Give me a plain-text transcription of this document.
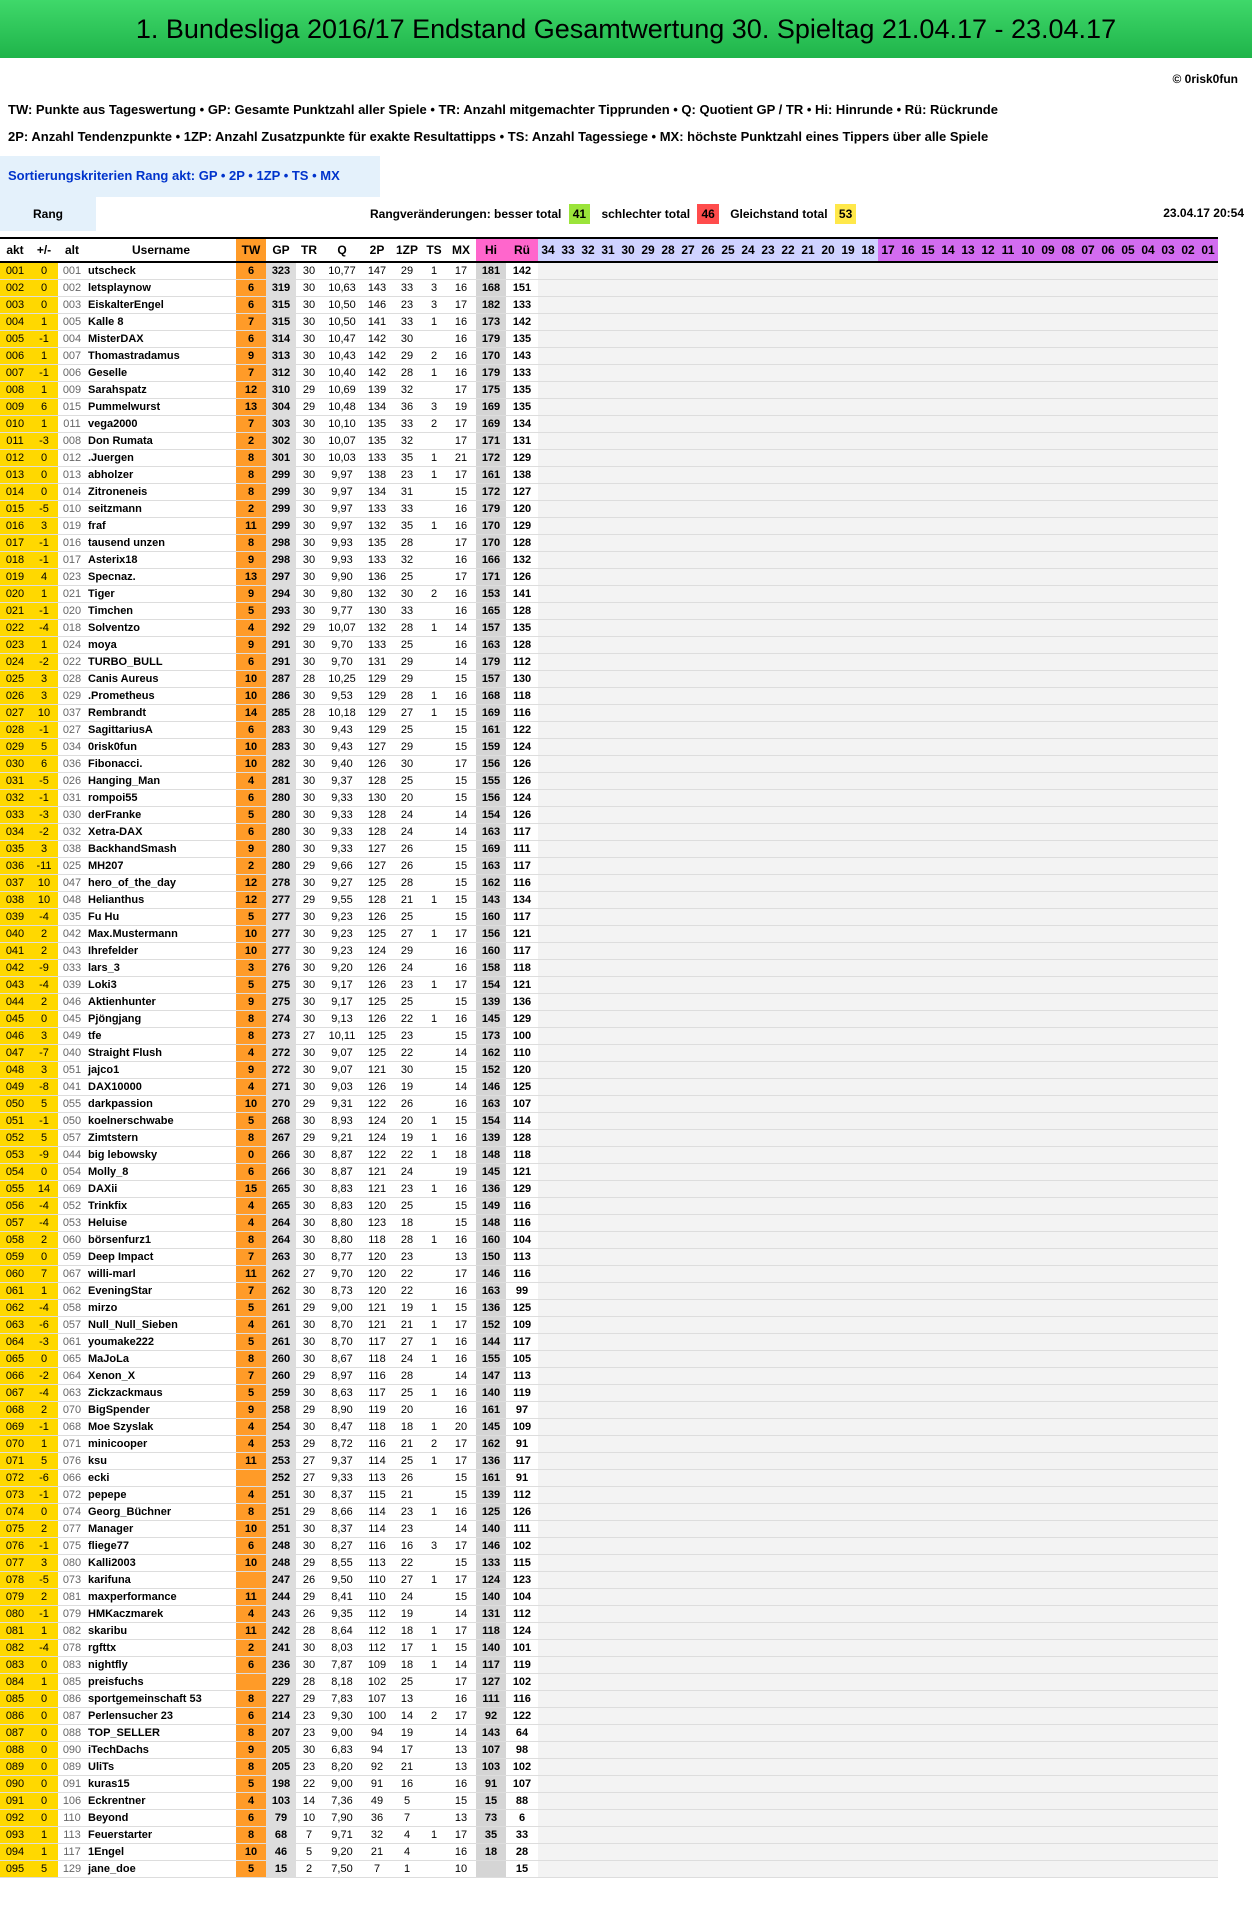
1. Bundesliga 2016/17 Endstand Gesamtwertung 30. Spieltag 21.04.17 - 23.04.17
© 0risk0fun
TW: Punkte aus Tageswertung • GP: Gesamte Punktzahl aller Spiele • TR: Anzahl mitgemachter Tipprunden • Q: Quotient GP / TR • Hi: Hinrunde • Rü: Rückrunde
2P: Anzahl Tendenzpunkte • 1ZP: Anzahl Zusatzpunkte für exakte Resultattipps • TS: Anzahl Tagessiege • MX: höchste Punktzahl eines Tippers über alle Spiele
Sortierungskriterien Rang akt: GP • 2P • 1ZP • TS • MX
Rang	Rangveränderungen: besser total 41 schlechter total 46 Gleichstand total 53	23.04.17 20:54
akt	+/-	alt	Username	TW	GP	TR	Q	2P	1ZP	TS	MX	Hi	Rü	34	33	32	31	30	29	28	27	26	25	24	23	22	21	20	19	18	17	16	15	14	13	12	11	10	09	08	07	06	05	04	03	02	01
001	0	001	utscheck	6	323	30	10,77	147	29	1	17	181	142																																		
002	0	002	letsplaynow	6	319	30	10,63	143	33	3	16	168	151																																		
003	0	003	EiskalterEngel	6	315	30	10,50	146	23	3	17	182	133																																		
004	1	005	Kalle 8	7	315	30	10,50	141	33	1	16	173	142																																		
005	-1	004	MisterDAX	6	314	30	10,47	142	30		16	179	135																																		
006	1	007	Thomastradamus	9	313	30	10,43	142	29	2	16	170	143																																		
007	-1	006	Geselle	7	312	30	10,40	142	28	1	16	179	133																																		
008	1	009	Sarahspatz	12	310	29	10,69	139	32		17	175	135																																		
009	6	015	Pummelwurst	13	304	29	10,48	134	36	3	19	169	135																																		
010	1	011	vega2000	7	303	30	10,10	135	33	2	17	169	134																																		
011	-3	008	Don Rumata	2	302	30	10,07	135	32		17	171	131																																		
012	0	012	.Juergen	8	301	30	10,03	133	35	1	21	172	129																																		
013	0	013	abholzer	8	299	30	9,97	138	23	1	17	161	138																																		
014	0	014	Zitroneneis	8	299	30	9,97	134	31		15	172	127																																		
015	-5	010	seitzmann	2	299	30	9,97	133	33		16	179	120																																		
016	3	019	fraf	11	299	30	9,97	132	35	1	16	170	129																																		
017	-1	016	tausend unzen	8	298	30	9,93	135	28		17	170	128																																		
018	-1	017	Asterix18	9	298	30	9,93	133	32		16	166	132																																		
019	4	023	Specnaz.	13	297	30	9,90	136	25		17	171	126																																		
020	1	021	Tiger	9	294	30	9,80	132	30	2	16	153	141																																		
021	-1	020	Timchen	5	293	30	9,77	130	33		16	165	128																																		
022	-4	018	Solventzo	4	292	29	10,07	132	28	1	14	157	135																																		
023	1	024	moya	9	291	30	9,70	133	25		16	163	128																																		
024	-2	022	TURBO_BULL	6	291	30	9,70	131	29		14	179	112																																		
025	3	028	Canis Aureus	10	287	28	10,25	129	29		15	157	130																																		
026	3	029	.Prometheus	10	286	30	9,53	129	28	1	16	168	118																																		
027	10	037	Rembrandt	14	285	28	10,18	129	27	1	15	169	116																																		
028	-1	027	SagittariusA	6	283	30	9,43	129	25		15	161	122																																		
029	5	034	0risk0fun	10	283	30	9,43	127	29		15	159	124																																		
030	6	036	Fibonacci.	10	282	30	9,40	126	30		17	156	126																																		
031	-5	026	Hanging_Man	4	281	30	9,37	128	25		15	155	126																																		
032	-1	031	rompoi55	6	280	30	9,33	130	20		15	156	124																																		
033	-3	030	derFranke	5	280	30	9,33	128	24		14	154	126																																		
034	-2	032	Xetra-DAX	6	280	30	9,33	128	24		14	163	117																																		
035	3	038	BackhandSmash	9	280	30	9,33	127	26		15	169	111																																		
036	-11	025	MH207	2	280	29	9,66	127	26		15	163	117																																		
037	10	047	hero_of_the_day	12	278	30	9,27	125	28		15	162	116																																		
038	10	048	Helianthus	12	277	29	9,55	128	21	1	15	143	134																																		
039	-4	035	Fu Hu	5	277	30	9,23	126	25		15	160	117																																		
040	2	042	Max.Mustermann	10	277	30	9,23	125	27	1	17	156	121																																		
041	2	043	Ihrefelder	10	277	30	9,23	124	29		16	160	117																																		
042	-9	033	lars_3	3	276	30	9,20	126	24		16	158	118																																		
043	-4	039	Loki3	5	275	30	9,17	126	23	1	17	154	121																																		
044	2	046	Aktienhunter	9	275	30	9,17	125	25		15	139	136																																		
045	0	045	Pjöngjang	8	274	30	9,13	126	22	1	16	145	129																																		
046	3	049	tfe	8	273	27	10,11	125	23		15	173	100																																		
047	-7	040	Straight Flush	4	272	30	9,07	125	22		14	162	110																																		
048	3	051	jajco1	9	272	30	9,07	121	30		15	152	120																																		
049	-8	041	DAX10000	4	271	30	9,03	126	19		14	146	125																																		
050	5	055	darkpassion	10	270	29	9,31	122	26		16	163	107																																		
051	-1	050	koelnerschwabe	5	268	30	8,93	124	20	1	15	154	114																																		
052	5	057	Zimtstern	8	267	29	9,21	124	19	1	16	139	128																																		
053	-9	044	big lebowsky	0	266	30	8,87	122	22	1	18	148	118																																		
054	0	054	Molly_8	6	266	30	8,87	121	24		19	145	121																																		
055	14	069	DAXii	15	265	30	8,83	121	23	1	16	136	129																																		
056	-4	052	Trinkfix	4	265	30	8,83	120	25		15	149	116																																		
057	-4	053	Heluise	4	264	30	8,80	123	18		15	148	116																																		
058	2	060	börsenfurz1	8	264	30	8,80	118	28	1	16	160	104																																		
059	0	059	Deep Impact	7	263	30	8,77	120	23		13	150	113																																		
060	7	067	willi-marl	11	262	27	9,70	120	22		17	146	116																																		
061	1	062	EveningStar	7	262	30	8,73	120	22		16	163	99																																		
062	-4	058	mirzo	5	261	29	9,00	121	19	1	15	136	125																																		
063	-6	057	Null_Null_Sieben	4	261	30	8,70	121	21	1	17	152	109																																		
064	-3	061	youmake222	5	261	30	8,70	117	27	1	16	144	117																																		
065	0	065	MaJoLa	8	260	30	8,67	118	24	1	16	155	105																																		
066	-2	064	Xenon_X	7	260	29	8,97	116	28		14	147	113																																		
067	-4	063	Zickzackmaus	5	259	30	8,63	117	25	1	16	140	119																																		
068	2	070	BigSpender	9	258	29	8,90	119	20		16	161	97																																		
069	-1	068	Moe Szyslak	4	254	30	8,47	118	18	1	20	145	109																																		
070	1	071	minicooper	4	253	29	8,72	116	21	2	17	162	91																																		
071	5	076	ksu	11	253	27	9,37	114	25	1	17	136	117																																		
072	-6	066	ecki		252	27	9,33	113	26		15	161	91																																		
073	-1	072	pepepe	4	251	30	8,37	115	21		15	139	112																																		
074	0	074	Georg_Büchner	8	251	29	8,66	114	23	1	16	125	126																																		
075	2	077	Manager	10	251	30	8,37	114	23		14	140	111																																		
076	-1	075	fliege77	6	248	30	8,27	116	16	3	17	146	102																																		
077	3	080	Kalli2003	10	248	29	8,55	113	22		15	133	115																																		
078	-5	073	karifuna		247	26	9,50	110	27	1	17	124	123																																		
079	2	081	maxperformance	11	244	29	8,41	110	24		15	140	104																																		
080	-1	079	HMKaczmarek	4	243	26	9,35	112	19		14	131	112																																		
081	1	082	skaribu	11	242	28	8,64	112	18	1	17	118	124																																		
082	-4	078	rgfttx	2	241	30	8,03	112	17	1	15	140	101																																		
083	0	083	nightfly	6	236	30	7,87	109	18	1	14	117	119																																		
084	1	085	preisfuchs		229	28	8,18	102	25		17	127	102																																		
085	0	086	sportgemeinschaft 53	8	227	29	7,83	107	13		16	111	116																																		
086	0	087	Perlensucher 23	6	214	23	9,30	100	14	2	17	92	122																																		
087	0	088	TOP_SELLER	8	207	23	9,00	94	19		14	143	64																																		
088	0	090	iTechDachs	9	205	30	6,83	94	17		13	107	98																																		
089	0	089	UliTs	8	205	23	8,20	92	21		13	103	102																																		
090	0	091	kuras15	5	198	22	9,00	91	16		16	91	107																																		
091	0	106	Eckrentner	4	103	14	7,36	49	5		15	15	88																																		
092	0	110	Beyond	6	79	10	7,90	36	7		13	73	6																																		
093	1	113	Feuerstarter	8	68	7	9,71	32	4	1	17	35	33																																		
094	1	117	1Engel	10	46	5	9,20	21	4		16	18	28																																		
095	5	129	jane_doe	5	15	2	7,50	7	1		10		15																																		
